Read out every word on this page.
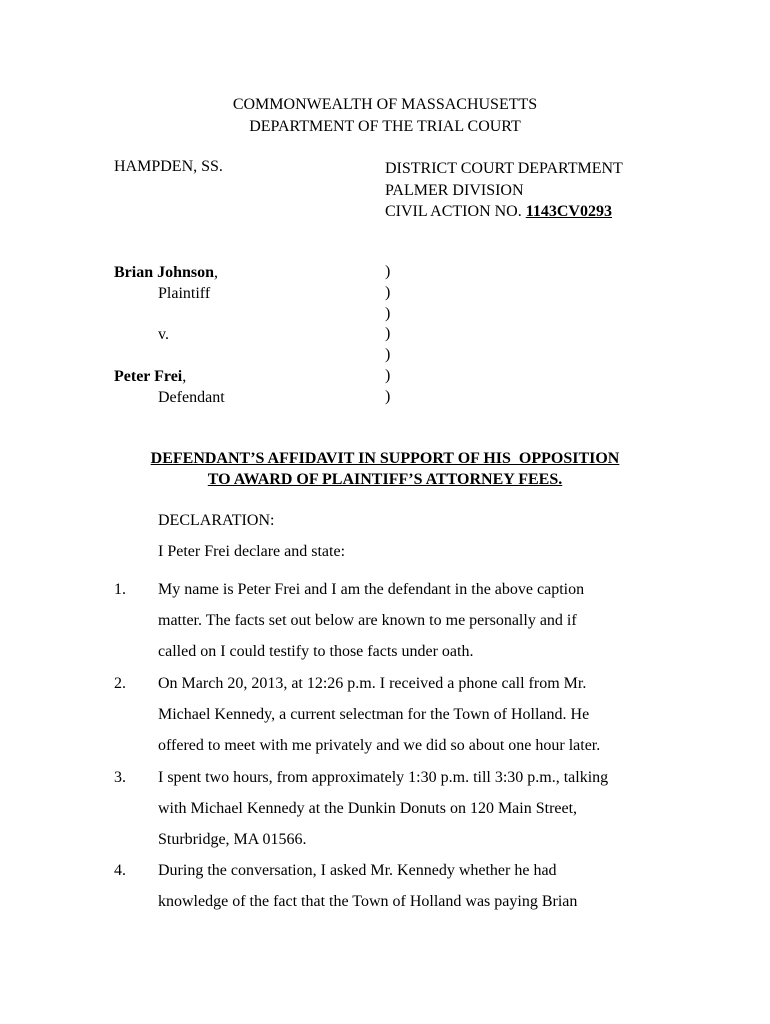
COMMONWEALTH OF MASSACHUSETTS
DEPARTMENT OF THE TRIAL COURT
HAMPDEN, SS.	DISTRICT COURT DEPARTMENT
PALMER DIVISION
CIVIL ACTION NO. 1143CV0293
Brian Johnson,
Plaintiff
v.
Peter Frei,
Defendant
)
)
)
)
)
)
)
DEFENDANT’S AFFIDAVIT IN SUPPORT OF HIS  OPPOSITION
TO AWARD OF PLAINTIFF’S ATTORNEY FEES.
DECLARATION:
I Peter Frei declare and state:
1. My name is Peter Frei and I am the defendant in the above caption
matter. The facts set out below are known to me personally and if
called on I could testify to those facts under oath.
2. On March 20, 2013, at 12:26 p.m. I received a phone call from Mr.
Michael Kennedy, a current selectman for the Town of Holland. He
offered to meet with me privately and we did so about one hour later.
3. I spent two hours, from approximately 1:30 p.m. till 3:30 p.m., talking
with Michael Kennedy at the Dunkin Donuts on 120 Main Street,
Sturbridge, MA 01566.
4. During the conversation, I asked Mr. Kennedy whether he had
knowledge of the fact that the Town of Holland was paying Brian
